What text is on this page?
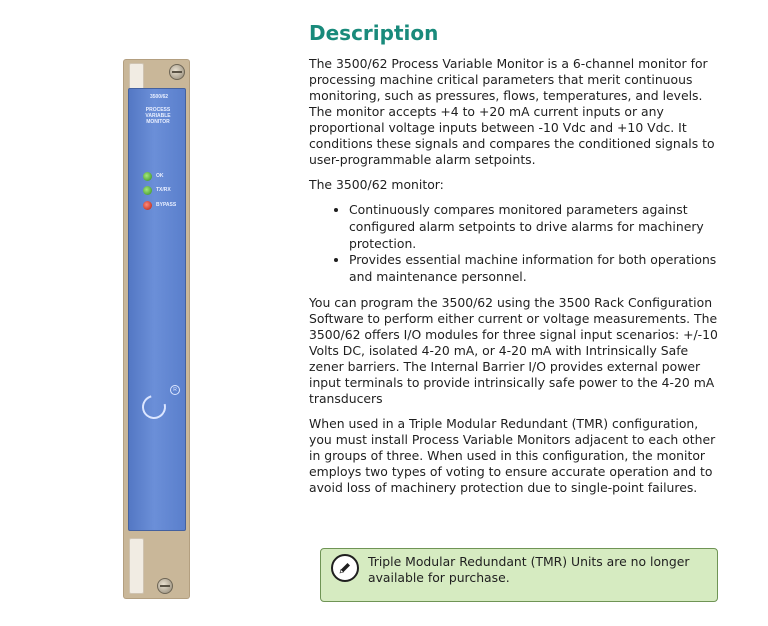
3500/62
PROCESS
VARIABLE
MONITOR
OK
TX/RX
BYPASS
R
Description

The 3500/62 Process Variable Monitor is a 6-channel monitor for processing machine critical parameters that merit continuous monitoring, such as pressures, flows, temperatures, and levels. The monitor accepts +4 to +20 mA current inputs or any proportional voltage inputs between -10 Vdc and +10 Vdc. It conditions these signals and compares the conditioned signals to user-programmable alarm setpoints.

The 3500/62 monitor:

• Continuously compares monitored parameters against configured alarm setpoints to drive alarms for machinery protection.
• Provides essential machine information for both operations and maintenance personnel.

You can program the 3500/62 using the 3500 Rack Configuration Software to perform either current or voltage measurements. The 3500/62 offers I/O modules for three signal input scenarios: +/-10 Volts DC, isolated 4-20 mA, or 4-20 mA with Intrinsically Safe zener barriers. The Internal Barrier I/O provides external power input terminals to provide intrinsically safe power to the 4-20 mA transducers

When used in a Triple Modular Redundant (TMR) configuration, you must install Process Variable Monitors adjacent to each other in groups of three. When used in this configuration, the monitor employs two types of voting to ensure accurate operation and to avoid loss of machinery protection due to single-point failures.

Triple Modular Redundant (TMR) Units are no longer available for purchase.
